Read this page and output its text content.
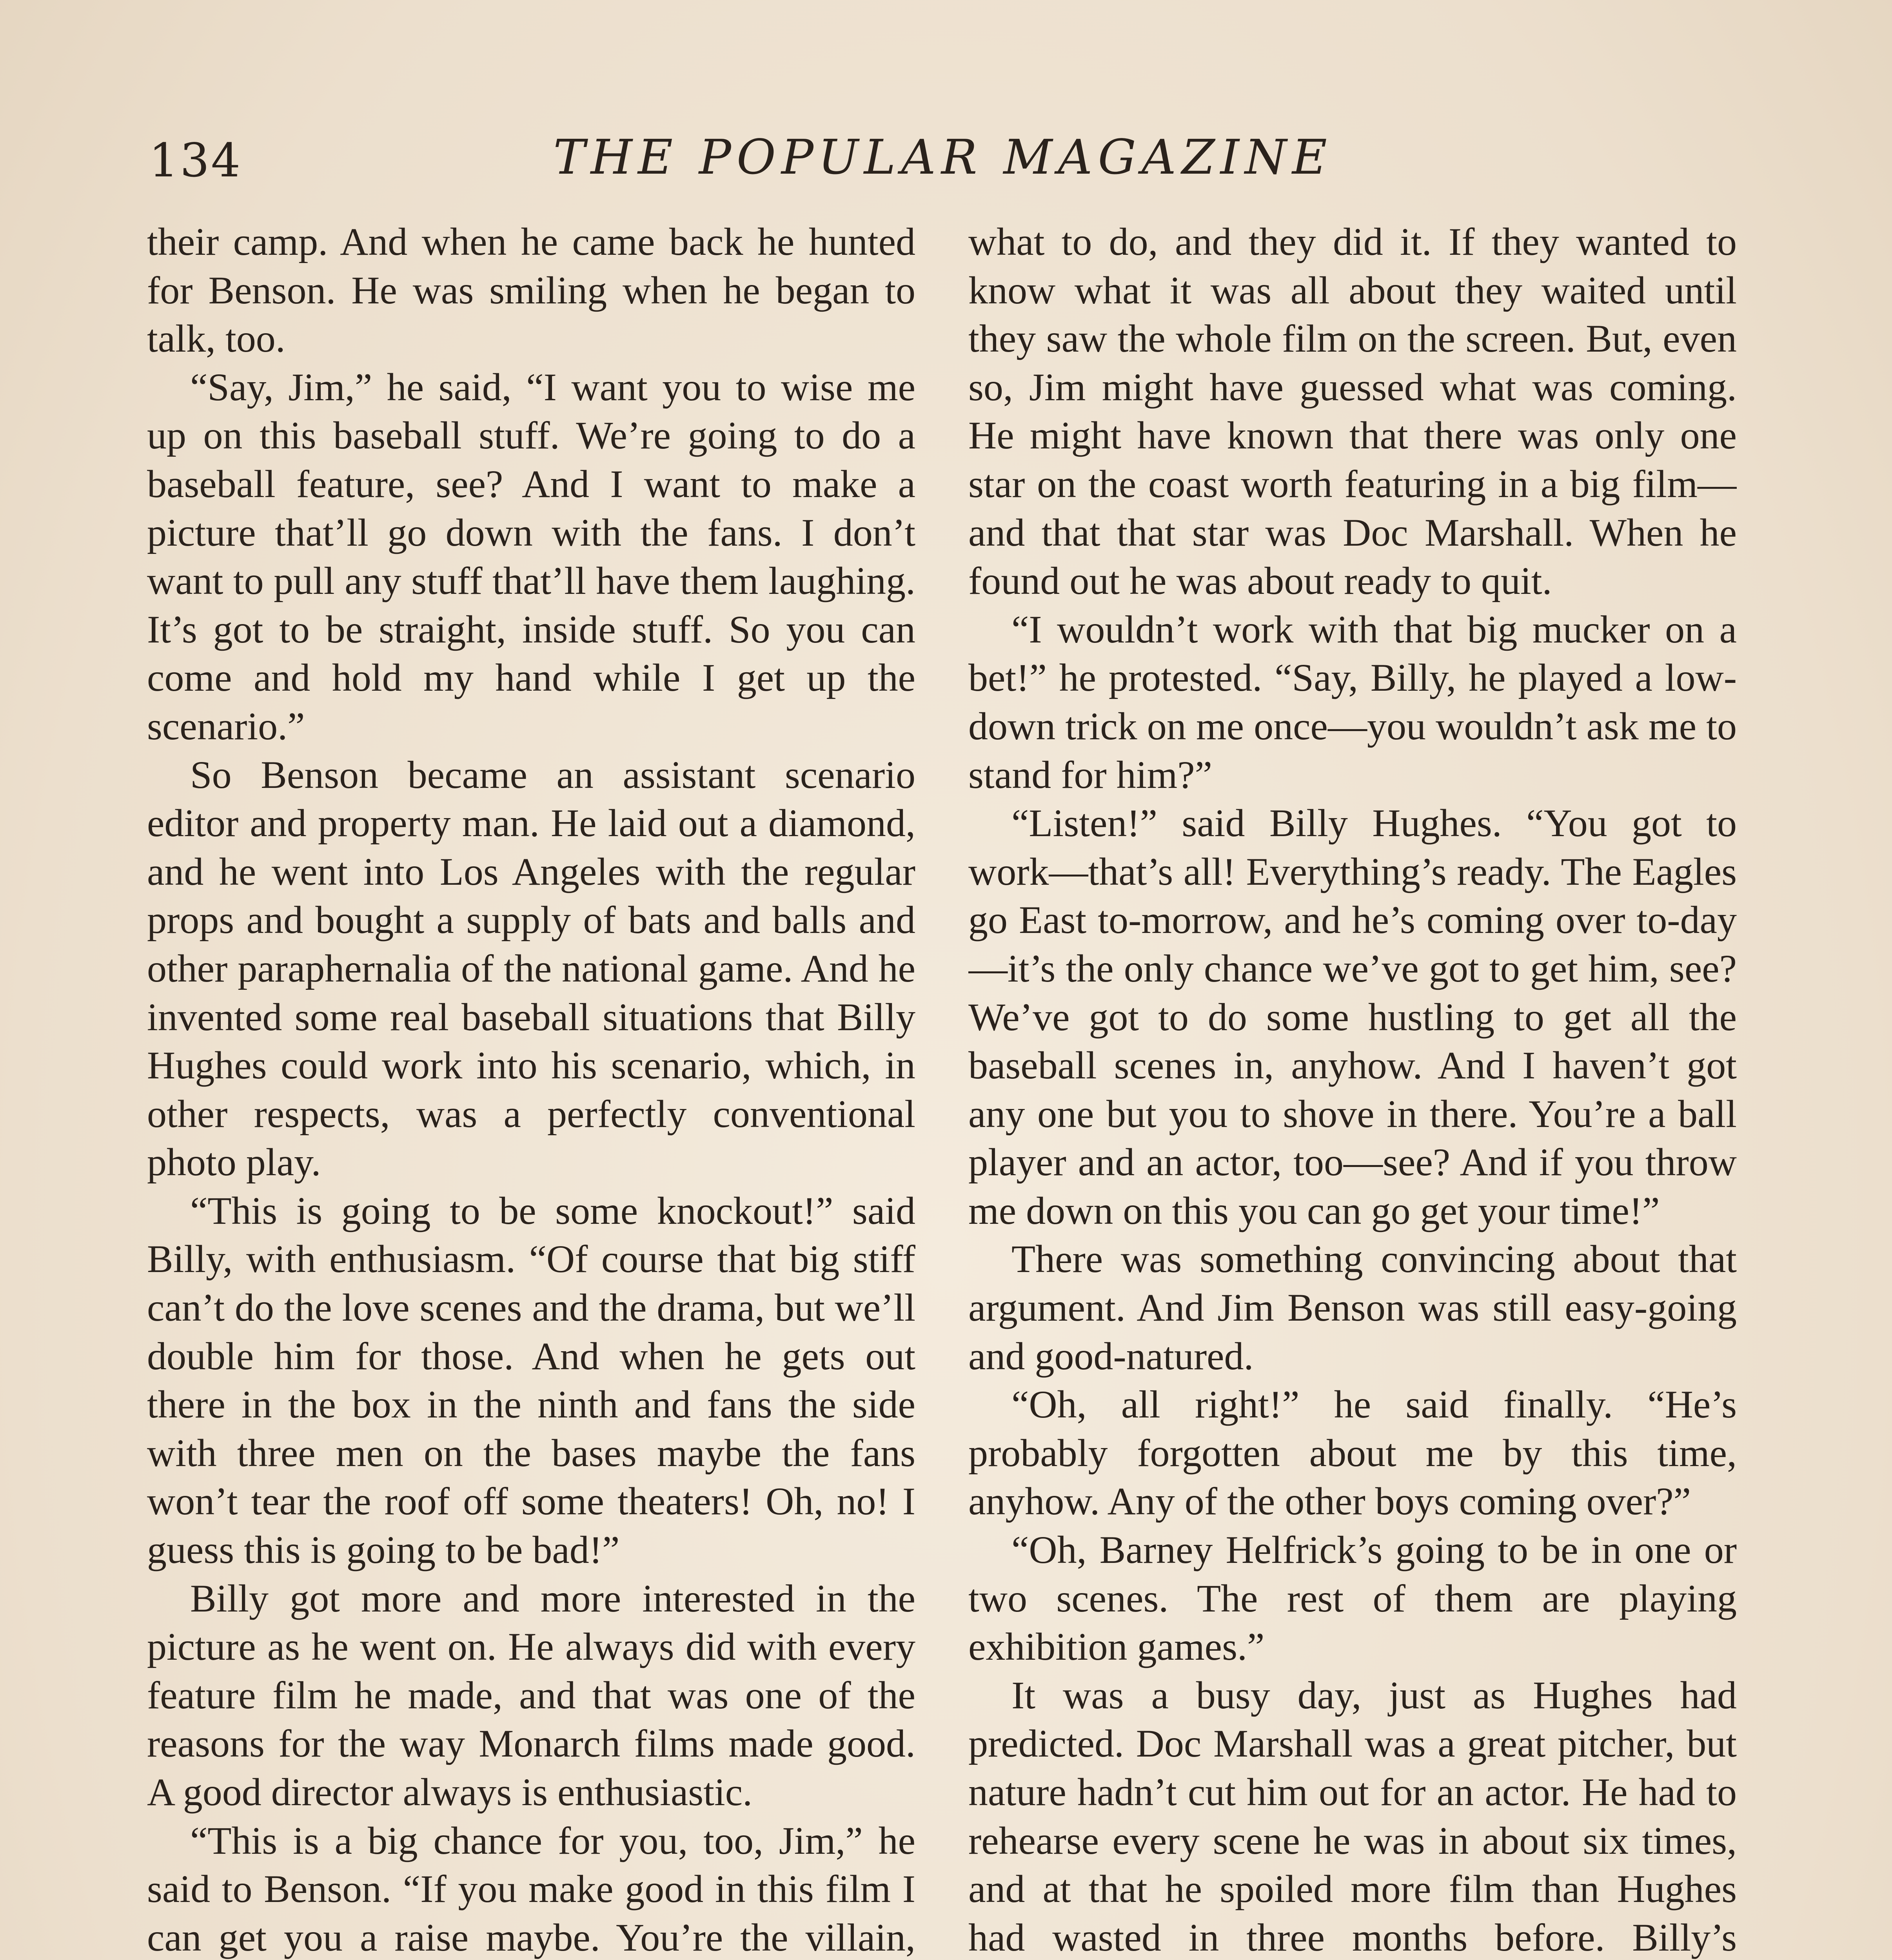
134	THE POPULAR MAGAZINE

their camp. And when he came back he hunted for Benson. He was smiling when he began to talk, too.

“Say, Jim,” he said, “I want you to wise me up on this baseball stuff. We’re going to do a baseball feature, see? And I want to make a picture that’ll go down with the fans. I don’t want to pull any stuff that’ll have them laughing. It’s got to be straight, inside stuff. So you can come and hold my hand while I get up the scenario.”

So Benson became an assistant scenario editor and property man. He laid out a diamond, and he went into Los Angeles with the regular props and bought a supply of bats and balls and other paraphernalia of the national game. And he invented some real baseball situations that Billy Hughes could work into his scenario, which, in other respects, was a perfectly conventional photo play.

“This is going to be some knockout!” said Billy, with enthusiasm. “Of course that big stiff can’t do the love scenes and the drama, but we’ll double him for those. And when he gets out there in the box in the ninth and fans the side with three men on the bases maybe the fans won’t tear the roof off some theaters! Oh, no! I guess this is going to be bad!”

Billy got more and more interested in the picture as he went on. He always did with every feature film he made, and that was one of the reasons for the way Monarch films made good. A good director always is enthusiastic.

“This is a big chance for you, too, Jim,” he said to Benson. “If you make good in this film I can get you a raise maybe. You’re the villain,

what to do, and they did it. If they wanted to know what it was all about they waited until they saw the whole film on the screen. But, even so, Jim might have guessed what was coming. He might have known that there was only one star on the coast worth featuring in a big film—and that that star was Doc Marshall. When he found out he was about ready to quit.

“I wouldn’t work with that big mucker on a bet!” he protested. “Say, Billy, he played a low-down trick on me once—you wouldn’t ask me to stand for him?”

“Listen!” said Billy Hughes. “You got to work—that’s all! Everything’s ready. The Eagles go East to-morrow, and he’s coming over to-day—it’s the only chance we’ve got to get him, see? We’ve got to do some hustling to get all the baseball scenes in, anyhow. And I haven’t got any one but you to shove in there. You’re a ball player and an actor, too—see? And if you throw me down on this you can go get your time!”

There was something convincing about that argument. And Jim Benson was still easy-going and good-natured.

“Oh, all right!” he said finally. “He’s probably forgotten about me by this time, anyhow. Any of the other boys coming over?”

“Oh, Barney Helfrick’s going to be in one or two scenes. The rest of them are playing exhibition games.”

It was a busy day, just as Hughes had predicted. Doc Marshall was a great pitcher, but nature hadn’t cut him out for an actor. He had to rehearse every scene he was in about six times, and at that he spoiled more film than Hughes had wasted in three months before. Billy’s
